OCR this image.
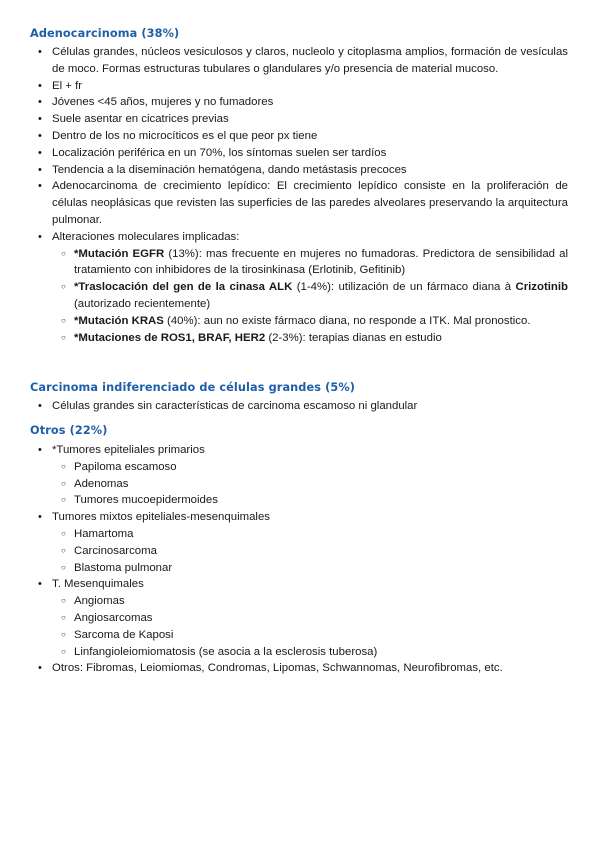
Adenocarcinoma (38%)
• Células grandes, núcleos vesiculosos y claros, nucleolo y citoplasma amplios, formación de vesículas de moco. Formas estructuras tubulares o glandulares y/o presencia de material mucoso.
• El + fr
• Jóvenes <45 años, mujeres y no fumadores
• Suele asentar en cicatrices previas
• Dentro de los no microcíticos es el que peor px tiene
• Localización periférica en un 70%, los síntomas suelen ser tardíos
• Tendencia a la diseminación hematógena, dando metástasis precoces
• Adenocarcinoma de crecimiento lepídico: El crecimiento lepídico consiste en la proliferación de células neoplásicas que revisten las superficies de las paredes alveolares preservando la arquitectura pulmonar.
• Alteraciones moleculares implicadas:
○ *Mutación EGFR (13%): mas frecuente en mujeres no fumadoras. Predictora de sensibilidad al tratamiento con inhibidores de la tirosinkinasa (Erlotinib, Gefitinib)
○ *Traslocación del gen de la cinasa ALK (1-4%): utilización de un fármaco diana à Crizotinib (autorizado recientemente)
○ *Mutación KRAS (40%): aun no existe fármaco diana, no responde a ITK. Mal pronostico.
○ *Mutaciones de ROS1, BRAF, HER2 (2-3%): terapias dianas en estudio
Carcinoma indiferenciado de células grandes (5%)
• Células grandes sin características de carcinoma escamoso ni glandular
Otros (22%)
• *Tumores epiteliales primarios
○ Papiloma escamoso
○ Adenomas
○ Tumores mucoepidermoides
• Tumores mixtos epiteliales-mesenquimales
○ Hamartoma
○ Carcinosarcoma
○ Blastoma pulmonar
• T. Mesenquimales
○ Angiomas
○ Angiosarcomas
○ Sarcoma de Kaposi
○ Linfangioleiomiomatosis (se asocia a la esclerosis tuberosa)
• Otros: Fibromas, Leiomiomas, Condromas, Lipomas, Schwannomas, Neurofibromas, etc.
